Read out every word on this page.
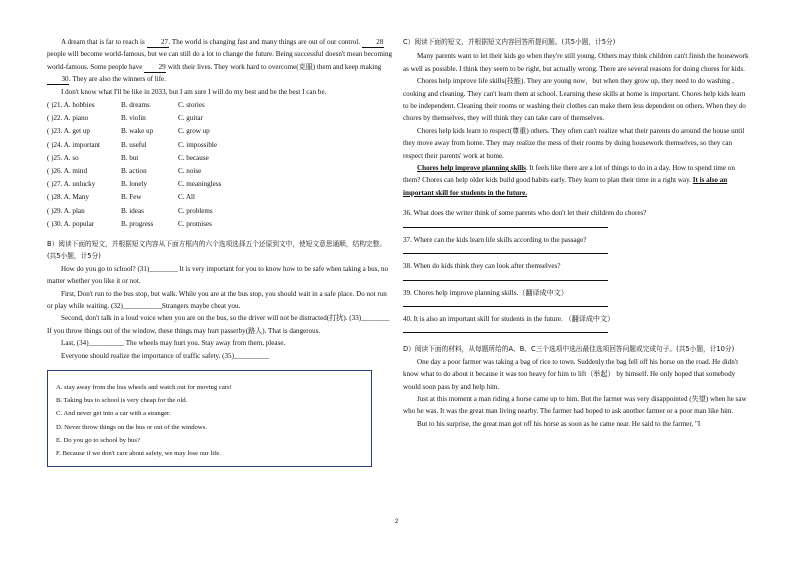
A dream that is far to reach is 27. The world is changing fast and many things are out of our control. 28 people will become world-famous, but we can still do a lot to change the future. Being successful doesn't mean becoming world-famous. Some people have 29 with their lives. They work hard to overcome(克服) them and keep making 30. They are also the winners of life.

I don't know what I'll be like in 2033, but I am sure I will do my best and be the best I can be.

( )21. A. hobbies	B. dreams	C. stories
( )22. A. piano	B. violin	C. guitar
( )23. A. get up	B. wake up	C. grow up
( )24. A. important	B. useful	C. impossible
( )25. A. so	B. but	C. because
( )26. A. mind	B. action	C. noise
( )27. A. unlucky	B. lonely	C. meaningless
( )28. A. Many	B. Few	C. All
( )29. A. plan	B. ideas	C. problems
( )30. A. popular	B. progress	C. promises

B）阅读下面的短文，并根据短文内容从下面方框内的六个选项选择五个还原到文中，使短文意思通顺，结构完整。(共5小题，计5分)

How do you go to school? (31)________ It is very important for you to know how to be safe when taking a bus, no matter whether you like it or not.

First, Don't run to the bus stop, but walk. While you are at the bus stop, you should wait in a safe place. Do not run or play while waiting. (32)___________Strangers maybe cheat you.

Second, don't talk in a loud voice when you are on the bus, so the driver will not be distracted(打扰). (33)________ If you throw things out of the window, these things may hurt passerby(路人). That is dangerous.

Last, (34)__________ The wheels may hurt you. Stay away from them, please.

Everyone should realize the importance of traffic safety. (35)__________

A. stay away from the bus wheels and watch out for moving cars!

B. Taking bus to school is very cheap for the old.

C. And never get into a car with a stranger.

D. Never throw things on the bus or out of the windows.

E. Do you go to school by bus?

F. Because if we don't care about safety, we may lose our life.

C）阅读下面的短文，并根据短文内容回答所提问题。(共5小题，计5分)

Many parents want to let their kids go when they're still young. Others may think children can't finish the housework as well as possible. I think they seem to be right, but actually wrong. There are several reasons for doing chores for kids.

Chores help improve life skills(技能). They are young now，but when they grow up, they need to do washing , cooking and cleaning. They can't learn them at school. Learning these skills at home is important. Chores help kids learn to be independent. Cleaning their rooms or washing their clothes can make them less dependent on others. When they do chores by themselves, they will think they can take care of themselves.

Chores help kids learn to respect(尊重) others. They often can't realize what their parents do around the house until they move away from home. They may realize the mess of their rooms by doing housework themselves, so they can respect their parents' work at home.

Chores help improve planning skills. It feels like there are a lot of things to do in a day. How to spend time on them? Chores can help older kids build good habits early. They learn to plan their time in a right way. It is also an important skill for students in the future.

36. What does the writer think of some parents who don't let their children do chores?

37. Where can the kids learn life skills according to the passage?

38. When do kids think they can look after themselves?

39. Chores help improve planning skills.（翻译成中文）

40. It is also an important skill for students in the future. （翻译成中文）

D）阅读下面的材料，从每题所给的A、B、C三个选项中选出最佳选项回答问题或完成句子。(共5小题，计10分)

One day a poor farmer was taking a bag of rice to town. Suddenly the bag fell off his horse on the road. He didn't know what to do about it because it was too heavy for him to lift（举起） by himself. He only hoped that somebody would soon pass by and help him.

Just at this moment a man riding a horse came up to him. But the farmer was very disappointed (失望) when he saw who he was. It was the great man living nearby. The farmer had hoped to ask another farmer or a poor man like him.

But to his surprise, the great man got off his horse as soon as he came near. He said to the farmer, "I

2
